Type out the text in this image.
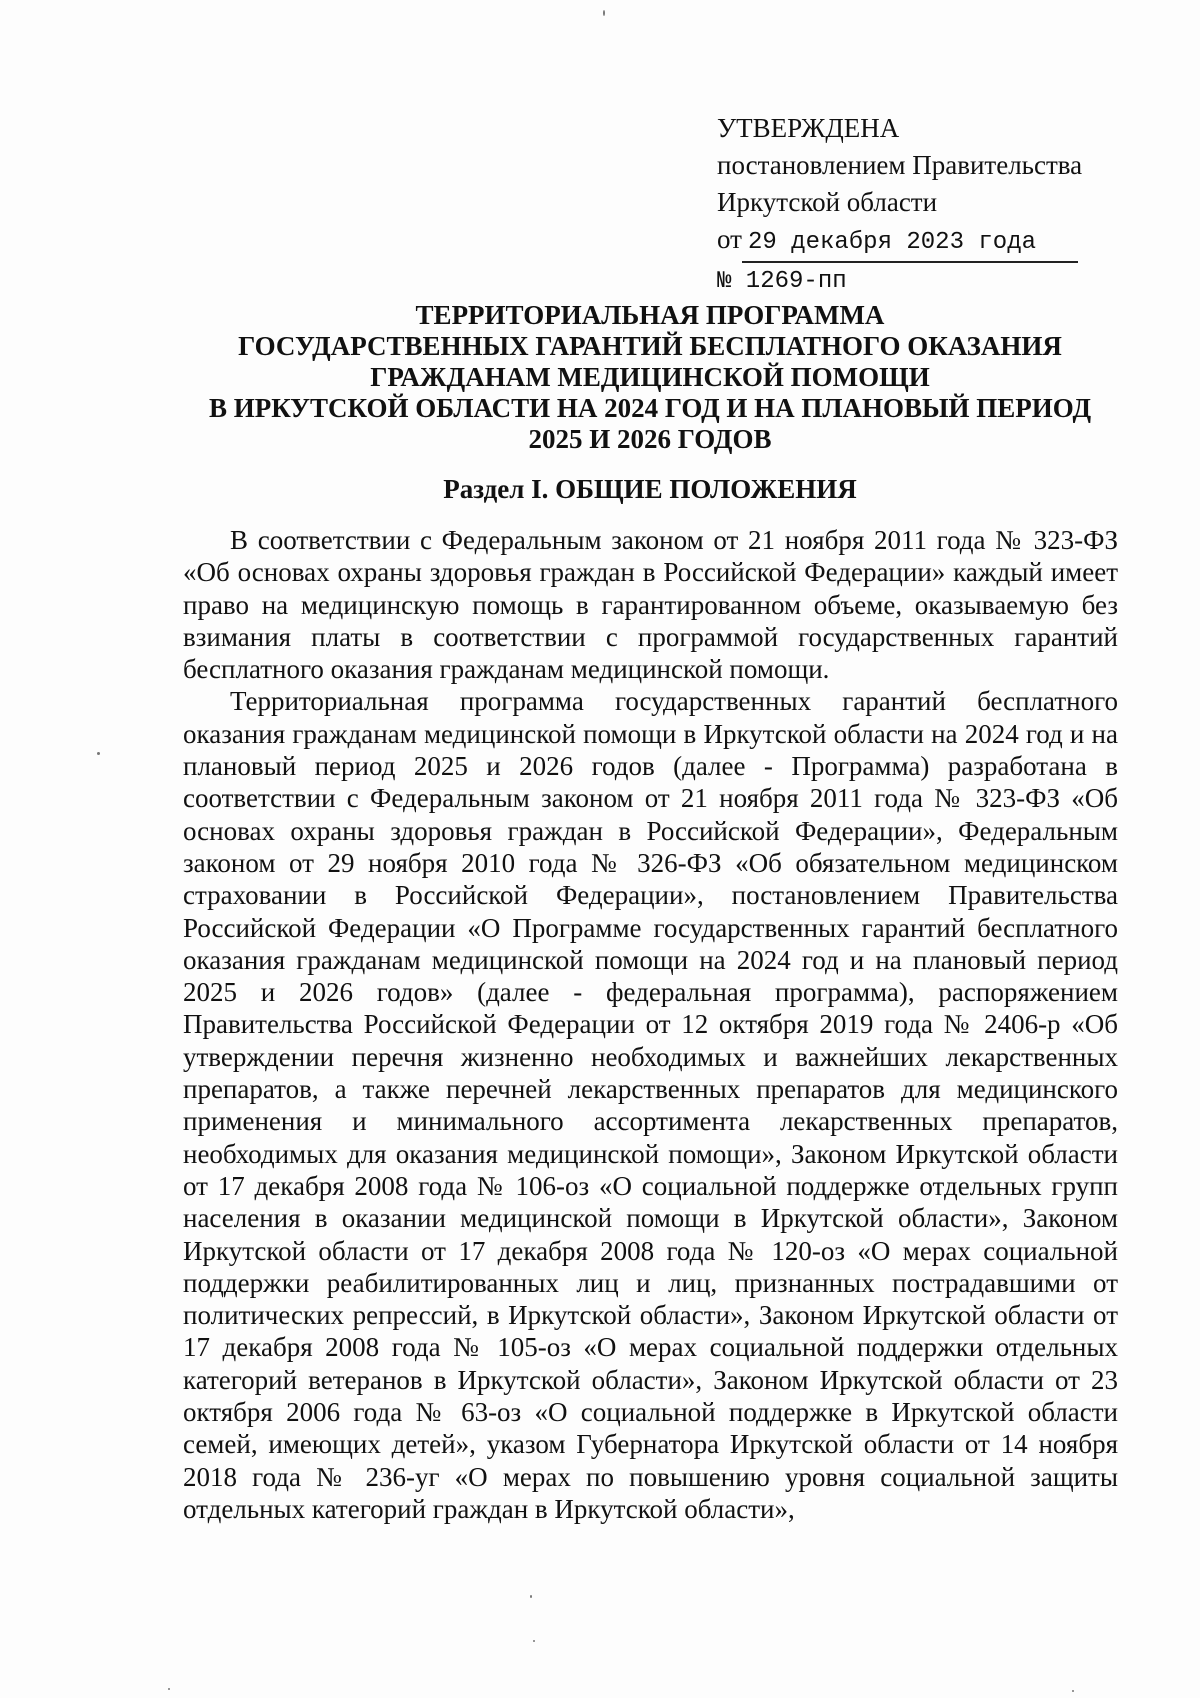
УТВЕРЖДЕНА
постановлением Правительства
Иркутской области
от 29 декабря 2023 года
№ 1269-пп
ТЕРРИТОРИАЛЬНАЯ ПРОГРАММА
ГОСУДАРСТВЕННЫХ ГАРАНТИЙ БЕСПЛАТНОГО ОКАЗАНИЯ
ГРАЖДАНАМ МЕДИЦИНСКОЙ ПОМОЩИ
В ИРКУТСКОЙ ОБЛАСТИ НА 2024 ГОД И НА ПЛАНОВЫЙ ПЕРИОД
2025 И 2026 ГОДОВ
Раздел I. ОБЩИЕ ПОЛОЖЕНИЯ

В соответствии с Федеральным законом от 21 ноября 2011 года № 323-ФЗ «Об основах охраны здоровья граждан в Российской Федерации» каждый имеет право на медицинскую помощь в гарантированном объеме, оказываемую без взимания платы в соответствии с программой государственных гарантий бесплатного оказания гражданам медицинской помощи.

Территориальная программа государственных гарантий бесплатного оказания гражданам медицинской помощи в Иркутской области на 2024 год и на плановый период 2025 и 2026 годов (далее - Программа) разработана в соответствии с Федеральным законом от 21 ноября 2011 года № 323-ФЗ «Об основах охраны здоровья граждан в Российской Федерации», Федеральным законом от 29 ноября 2010 года № 326-ФЗ «Об обязательном медицинском страховании в Российской Федерации», постановлением Правительства Российской Федерации «О Программе государственных гарантий бесплатного оказания гражданам медицинской помощи на 2024 год и на плановый период 2025 и 2026 годов» (далее - федеральная программа), распоряжением Правительства Российской Федерации от 12 октября 2019 года № 2406-р «Об утверждении перечня жизненно необходимых и важнейших лекарственных препаратов, а также перечней лекарственных препаратов для медицинского применения и минимального ассортимента лекарственных препаратов, необходимых для оказания медицинской помощи», Законом Иркутской области от 17 декабря 2008 года № 106-оз «О социальной поддержке отдельных групп населения в оказании медицинской помощи в Иркутской области», Законом Иркутской области от 17 декабря 2008 года № 120-оз «О мерах социальной поддержки реабилитированных лиц и лиц, признанных пострадавшими от политических репрессий, в Иркутской области», Законом Иркутской области от 17 декабря 2008 года № 105-оз «О мерах социальной поддержки отдельных категорий ветеранов в Иркутской области», Законом Иркутской области от 23 октября 2006 года № 63-оз «О социальной поддержке в Иркутской области семей, имеющих детей», указом Губернатора Иркутской области от 14 ноября 2018 года № 236-уг «О мерах по повышению уровня социальной защиты отдельных категорий граждан в Иркутской области»,
